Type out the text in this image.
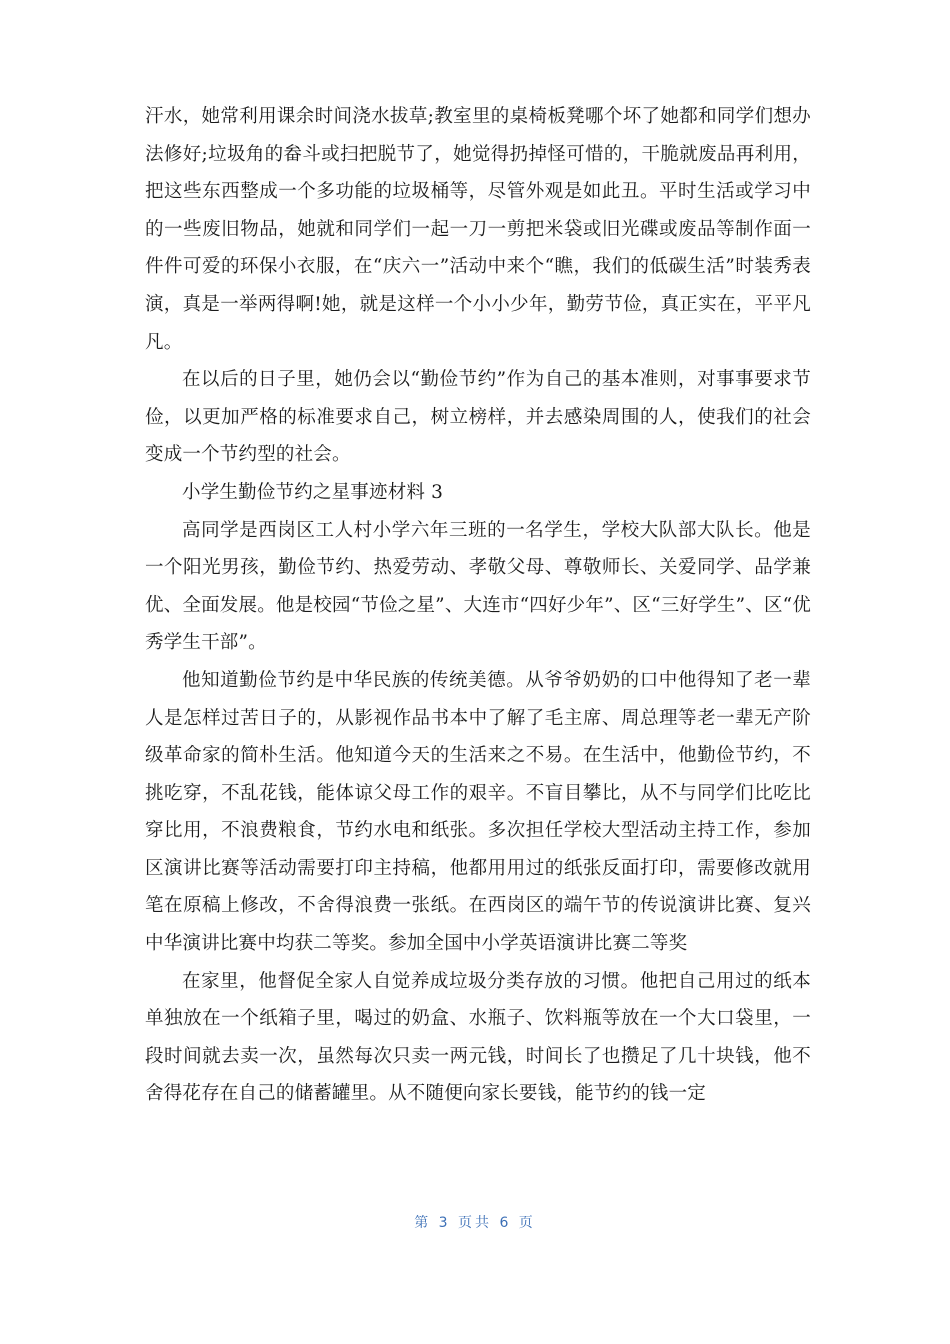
汗水，她常利用课余时间浇水拔草;教室里的桌椅板凳哪个坏了她都和同学们想办法修好;垃圾角的畚斗或扫把脱节了，她觉得扔掉怪可惜的，干脆就废品再利用，把这些东西整成一个多功能的垃圾桶等，尽管外观是如此丑。平时生活或学习中的一些废旧物品，她就和同学们一起一刀一剪把米袋或旧光碟或废品等制作面一件件可爱的环保小衣服，在“庆六一”活动中来个“瞧，我们的低碳生活”时装秀表演，真是一举两得啊!她，就是这样一个小小少年，勤劳节俭，真正实在，平平凡凡。

在以后的日子里，她仍会以“勤俭节约”作为自己的基本准则，对事事要求节俭，以更加严格的标准要求自己，树立榜样，并去感染周围的人，使我们的社会变成一个节约型的社会。

小学生勤俭节约之星事迹材料 3

高同学是西岗区工人村小学六年三班的一名学生，学校大队部大队长。他是一个阳光男孩，勤俭节约、热爱劳动、孝敬父母、尊敬师长、关爱同学、品学兼优、全面发展。他是校园“节俭之星”、大连市“四好少年”、区“三好学生”、区“优秀学生干部”。

他知道勤俭节约是中华民族的传统美德。从爷爷奶奶的口中他得知了老一辈人是怎样过苦日子的，从影视作品书本中了解了毛主席、周总理等老一辈无产阶级革命家的简朴生活。他知道今天的生活来之不易。在生活中，他勤俭节约，不挑吃穿，不乱花钱，能体谅父母工作的艰辛。不盲目攀比，从不与同学们比吃比穿比用，不浪费粮食，节约水电和纸张。多次担任学校大型活动主持工作，参加区演讲比赛等活动需要打印主持稿，他都用用过的纸张反面打印，需要修改就用笔在原稿上修改，不舍得浪费一张纸。在西岗区的端午节的传说演讲比赛、复兴中华演讲比赛中均获二等奖。参加全国中小学英语演讲比赛二等奖

在家里，他督促全家人自觉养成垃圾分类存放的习惯。他把自己用过的纸本单独放在一个纸箱子里，喝过的奶盒、水瓶子、饮料瓶等放在一个大口袋里，一段时间就去卖一次，虽然每次只卖一两元钱，时间长了也攒足了几十块钱，他不舍得花存在自己的储蓄罐里。从不随便向家长要钱，能节约的钱一定

第 3 页共 6 页
